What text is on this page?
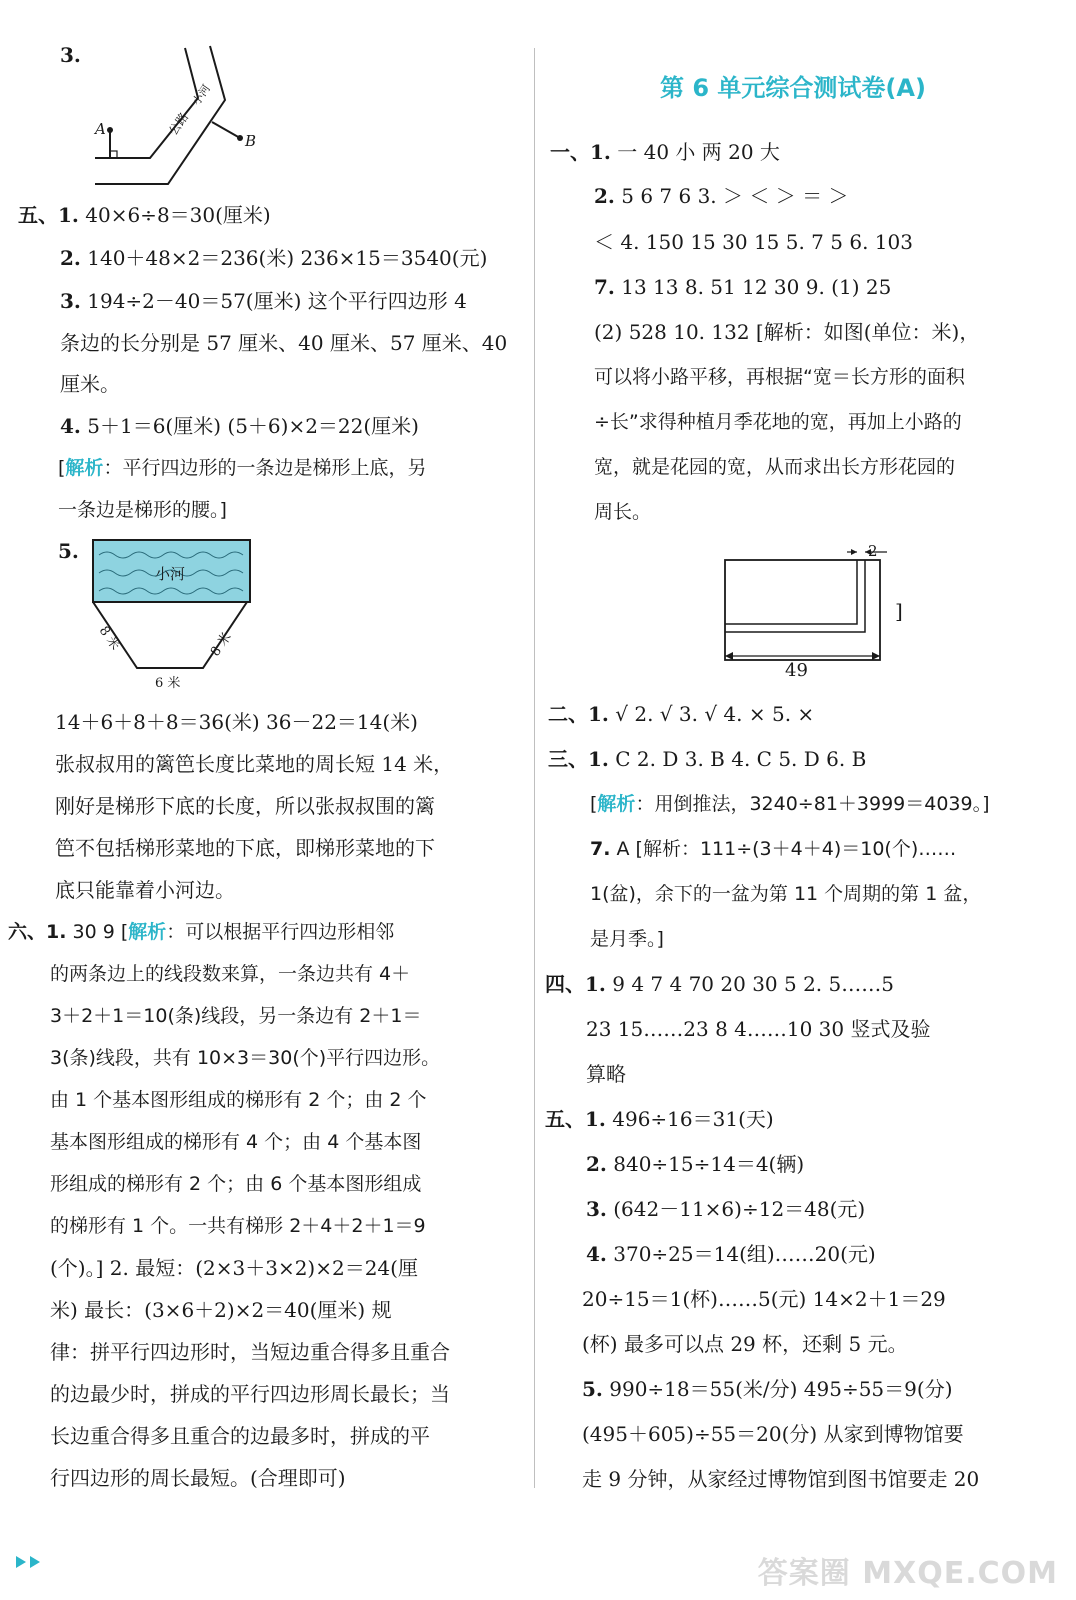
3.
A
B
公路
小河
五、1. 40×6÷8＝30(厘米)
2. 140＋48×2＝236(米) 236×15＝3540(元)
3. 194÷2－40＝57(厘米) 这个平行四边形 4
条边的长分别是 57 厘米、40 厘米、57 厘米、40
厘米。
4. 5＋1＝6(厘米) (5＋6)×2＝22(厘米)
[解析：平行四边形的一条边是梯形上底，另
一条边是梯形的腰。]
5.
小河
8 米	8 米
6 米
14＋6＋8＋8＝36(米) 36－22＝14(米)
张叔叔用的篱笆长度比菜地的周长短 14 米，
刚好是梯形下底的长度，所以张叔叔围的篱
笆不包括梯形菜地的下底，即梯形菜地的下
底只能靠着小河边。
六、1. 30 9 [解析：可以根据平行四边形相邻
的两条边上的线段数来算，一条边共有 4＋
3＋2＋1＝10(条)线段，另一条边有 2＋1＝
3(条)线段，共有 10×3＝30(个)平行四边形。
由 1 个基本图形组成的梯形有 2 个；由 2 个
基本图形组成的梯形有 4 个；由 4 个基本图
形组成的梯形有 2 个；由 6 个基本图形组成
的梯形有 1 个。一共有梯形 2＋4＋2＋1＝9
(个)。] 2. 最短：(2×3＋3×2)×2＝24(厘
米) 最长：(3×6＋2)×2＝40(厘米) 规
律：拼平行四边形时，当短边重合得多且重合
的边最少时，拼成的平行四边形周长最长；当
长边重合得多且重合的边最多时，拼成的平
行四边形的周长最短。(合理即可)
第 6 单元综合测试卷(A)
一、1. 一 40 小 两 20 大
2. 5 6 7 6 3. ＞ ＜ ＞ ＝ ＞
＜ 4. 150 15 30 15 5. 7 5 6. 103
7. 13 13 8. 51 12 30 9. (1) 25
(2) 528 10. 132 [解析：如图(单位：米)，
可以将小路平移，再根据“宽＝长方形的面积
÷长”求得种植月季花地的宽，再加上小路的
宽，就是花园的宽，从而求出长方形花园的
周长。
2
49
]
二、1. √ 2. √ 3. √ 4. × 5. ×
三、1. C 2. D 3. B 4. C 5. D 6. B
[解析：用倒推法，3240÷81＋3999＝4039。]
7. A [解析：111÷(3＋4＋4)＝10(个)……
1(盆)，余下的一盆为第 11 个周期的第 1 盆，
是月季。]
四、1. 9 4 7 4 70 20 30 5 2. 5……5
23 15……23 8 4……10 30 竖式及验
算略
五、1. 496÷16＝31(天)
2. 840÷15÷14＝4(辆)
3. (642－11×6)÷12＝48(元)
4. 370÷25＝14(组)……20(元)
20÷15＝1(杯)……5(元) 14×2＋1＝29
(杯) 最多可以点 29 杯，还剩 5 元。
5. 990÷18＝55(米/分) 495÷55＝9(分)
(495＋605)÷55＝20(分) 从家到博物馆要
走 9 分钟，从家经过博物馆到图书馆要走 20
答案圈 MXQE.COM
